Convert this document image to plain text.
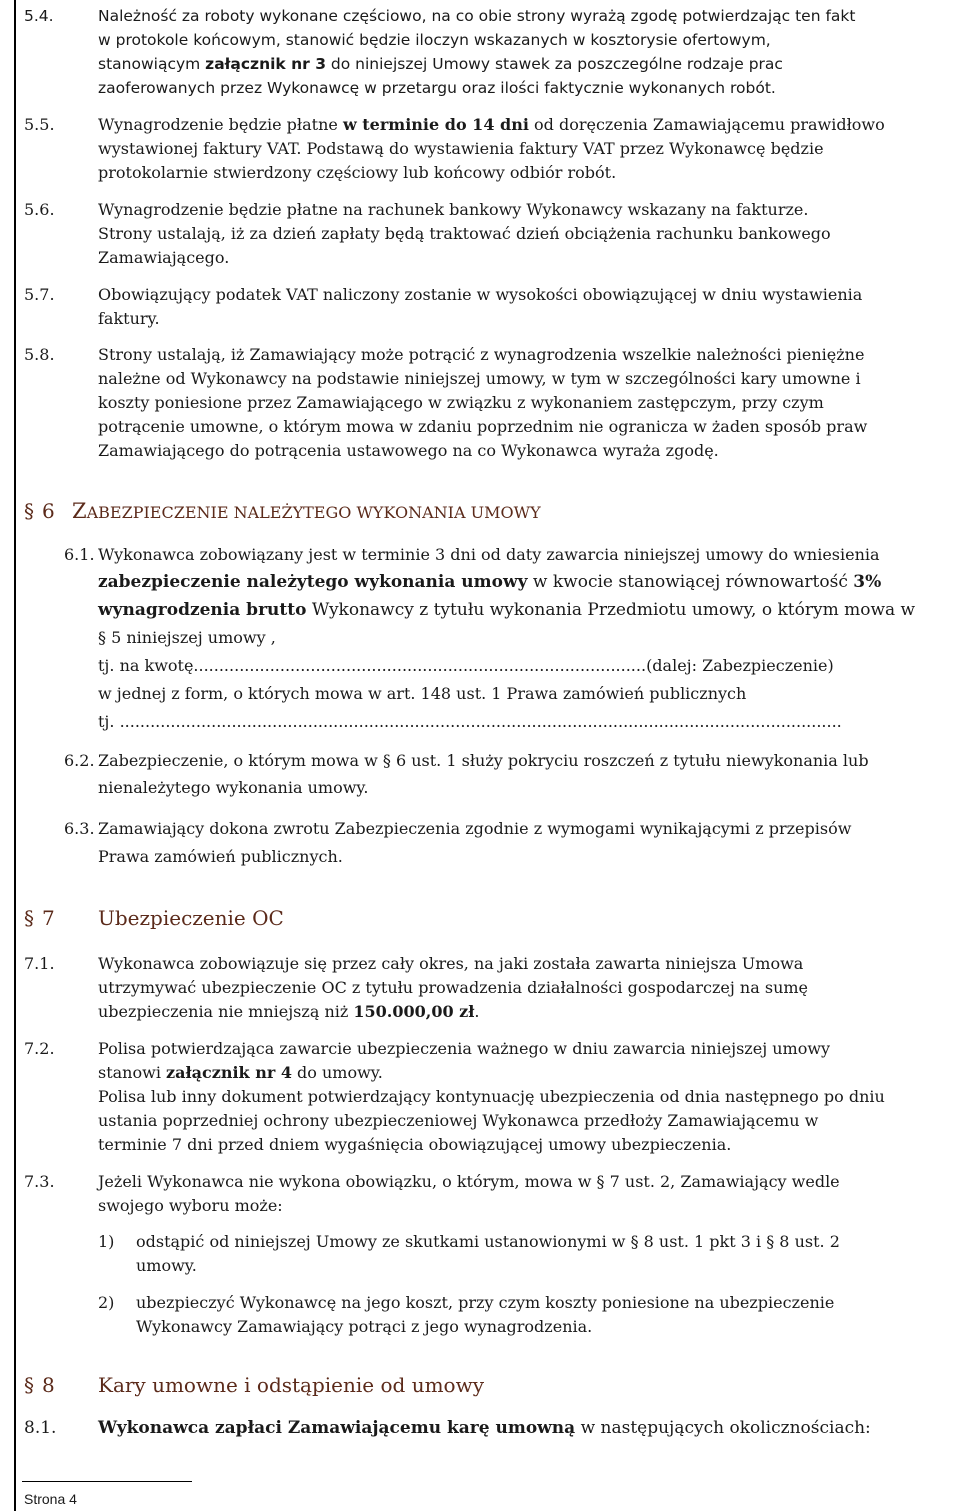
5.4.	Należność za roboty wykonane częściowo, na co obie strony wyrażą zgodę potwierdzając ten fakt
w protokole końcowym, stanowić będzie iloczyn wskazanych w kosztorysie ofertowym,
stanowiącym załącznik nr 3 do niniejszej Umowy stawek za poszczególne rodzaje prac
zaoferowanych przez Wykonawcę w przetargu oraz ilości faktycznie wykonanych robót.
5.5.	Wynagrodzenie będzie płatne w terminie do 14 dni od doręczenia Zamawiającemu prawidłowo
wystawionej faktury VAT. Podstawą do wystawienia faktury VAT przez Wykonawcę będzie
protokolarnie stwierdzony częściowy lub końcowy odbiór robót.
5.6.	Wynagrodzenie będzie płatne na rachunek bankowy Wykonawcy wskazany na fakturze.
Strony ustalają, iż za dzień zapłaty będą traktować dzień obciążenia rachunku bankowego
Zamawiającego.
5.7.	Obowiązujący podatek VAT naliczony zostanie w wysokości obowiązującej w dniu wystawienia
faktury.
5.8.	Strony ustalają, iż Zamawiający może potrącić z wynagrodzenia wszelkie należności pieniężne
należne od Wykonawcy na podstawie niniejszej umowy, w tym w szczególności kary umowne i
koszty poniesione przez Zamawiającego w związku z wykonaniem zastępczym, przy czym
potrącenie umowne, o którym mowa w zdaniu poprzednim nie ogranicza w żaden sposób praw
Zamawiającego do potrącenia ustawowego na co Wykonawca wyraża zgodę.
§ 6 ZABEZPIECZENIE NALEŻYTEGO WYKONANIA UMOWY
6.1. Wykonawca zobowiązany jest w terminie 3 dni od daty zawarcia niniejszej umowy do wniesienia
zabezpieczenie należytego wykonania umowy w kwocie stanowiącej równowartość 3%
wynagrodzenia brutto Wykonawcy z tytułu wykonania Przedmiotu umowy, o którym mowa w
§ 5 niniejszej umowy ,
tj. na kwotę.........................................................................................(dalej: Zabezpieczenie)
w jednej z form, o których mowa w art. 148 ust. 1 Prawa zamówień publicznych
tj. ..............................................................................................................................................
6.2. Zabezpieczenie, o którym mowa w § 6 ust. 1 służy pokryciu roszczeń z tytułu niewykonania lub
nienależytego wykonania umowy.
6.3. Zamawiający dokona zwrotu Zabezpieczenia zgodnie z wymogami wynikającymi z przepisów
Prawa zamówień publicznych.
§ 7 Ubezpieczenie OC
7.1.	Wykonawca zobowiązuje się przez cały okres, na jaki została zawarta niniejsza Umowa
utrzymywać ubezpieczenie OC z tytułu prowadzenia działalności gospodarczej na sumę
ubezpieczenia nie mniejszą niż 150.000,00 zł.
7.2.	Polisa potwierdzająca zawarcie ubezpieczenia ważnego w dniu zawarcia niniejszej umowy
stanowi załącznik nr 4 do umowy.
Polisa lub inny dokument potwierdzający kontynuację ubezpieczenia od dnia następnego po dniu
ustania poprzedniej ochrony ubezpieczeniowej Wykonawca przedłoży Zamawiającemu w
terminie 7 dni przed dniem wygaśnięcia obowiązującej umowy ubezpieczenia.
7.3.	Jeżeli Wykonawca nie wykona obowiązku, o którym, mowa w § 7 ust. 2, Zamawiający wedle
swojego wyboru może:
1) odstąpić od niniejszej Umowy ze skutkami ustanowionymi w § 8 ust. 1 pkt 3 i § 8 ust. 2
umowy.
2) ubezpieczyć Wykonawcę na jego koszt, przy czym koszty poniesione na ubezpieczenie
Wykonawcy Zamawiający potrąci z jego wynagrodzenia.
§ 8 Kary umowne i odstąpienie od umowy
8.1. Wykonawca zapłaci Zamawiającemu karę umowną w następujących okolicznościach:
Strona 4
